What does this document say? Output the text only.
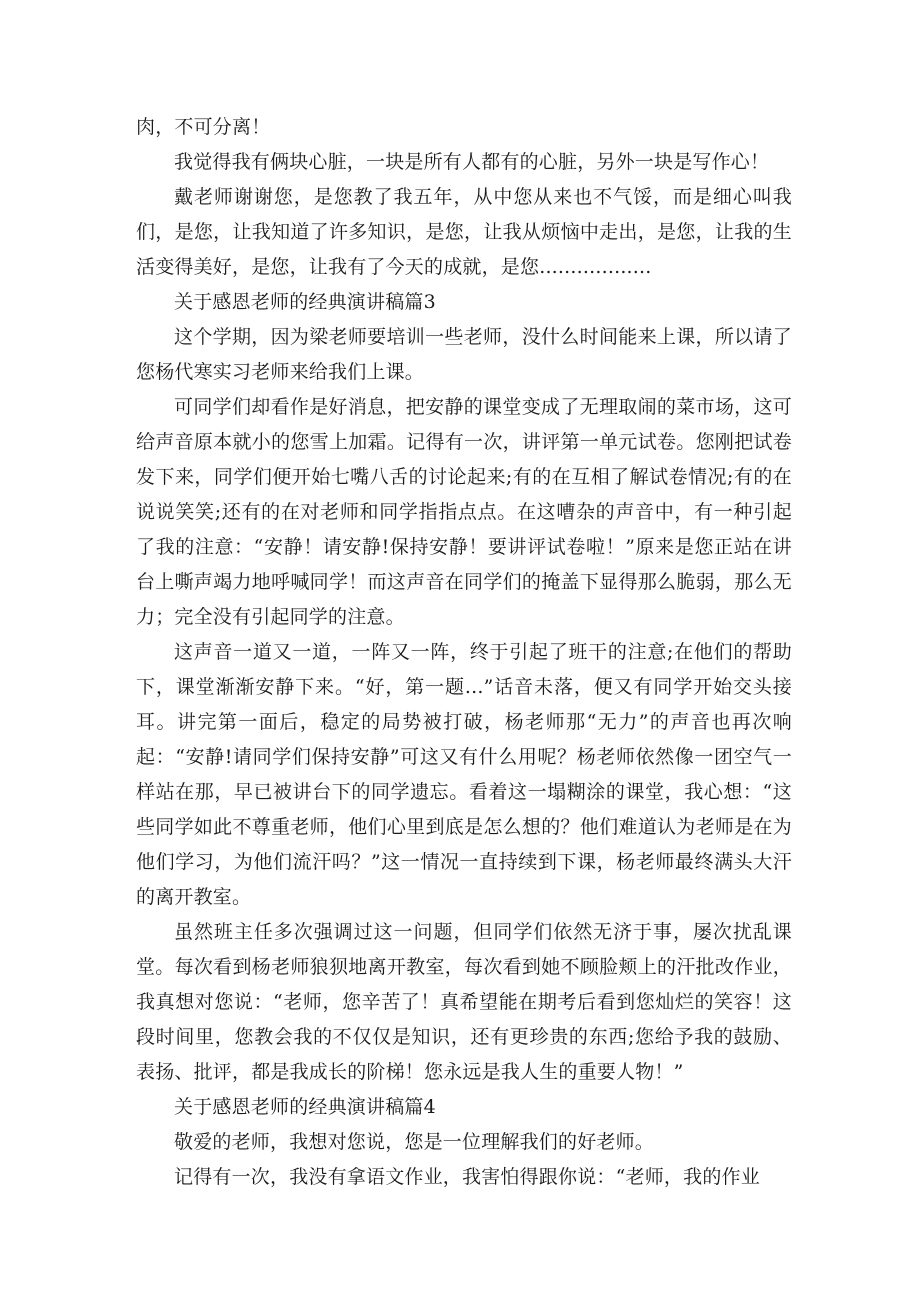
肉，不可分离！

我觉得我有俩块心脏，一块是所有人都有的心脏，另外一块是写作心！

戴老师谢谢您，是您教了我五年，从中您从来也不气馁，而是细心叫我们，是您，让我知道了许多知识，是您，让我从烦恼中走出，是您，让我的生活变得美好，是您，让我有了今天的成就，是您..................

关于感恩老师的经典演讲稿篇3

这个学期，因为梁老师要培训一些老师，没什么时间能来上课，所以请了您杨代寒实习老师来给我们上课。

可同学们却看作是好消息，把安静的课堂变成了无理取闹的菜市场，这可给声音原本就小的您雪上加霜。记得有一次，讲评第一单元试卷。您刚把试卷发下来，同学们便开始七嘴八舌的讨论起来;有的在互相了解试卷情况;有的在说说笑笑;还有的在对老师和同学指指点点。在这嘈杂的声音中，有一种引起了我的注意：“安静！请安静!保持安静！要讲评试卷啦！”原来是您正站在讲台上嘶声竭力地呼喊同学！而这声音在同学们的掩盖下显得那么脆弱，那么无力；完全没有引起同学的注意。

这声音一道又一道，一阵又一阵，终于引起了班干的注意;在他们的帮助下，课堂渐渐安静下来。“好，第一题...”话音未落，便又有同学开始交头接耳。讲完第一面后，稳定的局势被打破，杨老师那“无力”的声音也再次响起：“安静!请同学们保持安静”可这又有什么用呢？杨老师依然像一团空气一样站在那，早已被讲台下的同学遗忘。看着这一塌糊涂的课堂，我心想：“这些同学如此不尊重老师，他们心里到底是怎么想的？他们难道认为老师是在为他们学习，为他们流汗吗？”这一情况一直持续到下课，杨老师最终满头大汗的离开教室。

虽然班主任多次强调过这一问题，但同学们依然无济于事，屡次扰乱课堂。每次看到杨老师狼狈地离开教室，每次看到她不顾脸颊上的汗批改作业，我真想对您说：“老师，您辛苦了！真希望能在期考后看到您灿烂的笑容！这段时间里，您教会我的不仅仅是知识，还有更珍贵的东西;您给予我的鼓励、表扬、批评，都是我成长的阶梯！您永远是我人生的重要人物！”

关于感恩老师的经典演讲稿篇4

敬爱的老师，我想对您说，您是一位理解我们的好老师。

记得有一次，我没有拿语文作业，我害怕得跟你说：“老师，我的作业
